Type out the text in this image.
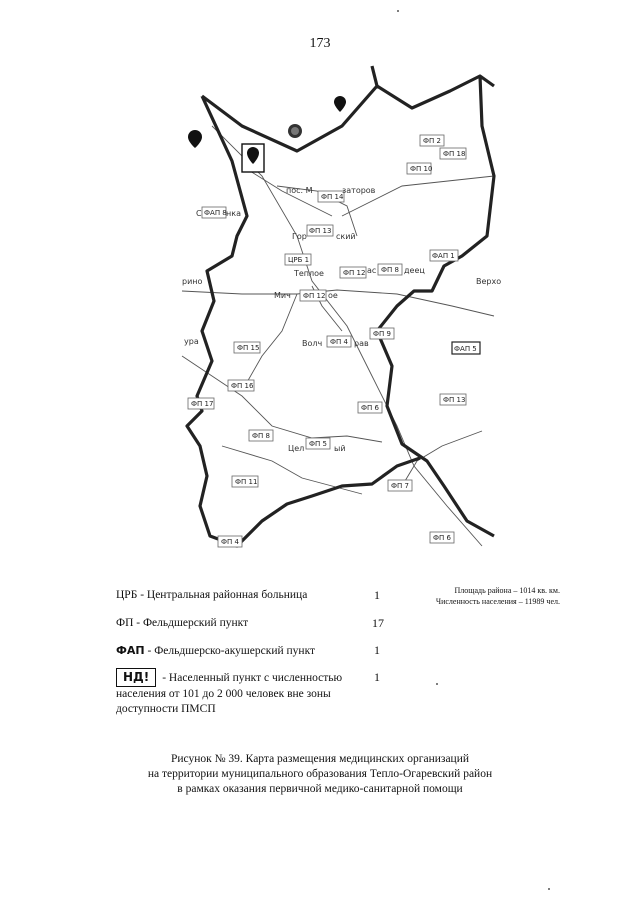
173
ФП 2
ФП 18
ФП 10
ФП 14
ФАП 8
ФП 13
ФАП 1
ЦРБ 1
ФП 12 ФП 8
ФП 12
ФП 9
ФП 4
ФП 15	ФАП 5
ФП 16
ФП 13
ФП 17	ФП 6
ФП 8
ФП 5
ФП 11	ФП 7
ФП 6
ФП 4
пос. М	заторов
С	нка
Гор	ский
Теплое	ас	деец
Верхо
рино
Мич	ое
Волч	рав
ура
Цел	ый
ЦРБ - Центральная районная больница	1
ФП - Фельдшерский пункт	17
ФАП - Фельдшерско-акушерский пункт	1
НД! - Населенный пункт с численностью населения от 101 до 2 000 человек вне зоны доступности ПМСП
1
Площадь района – 1014 кв. км.
Численность населения – 11989 чел.
Рисунок № 39. Карта размещения медицинских организаций
на территории муниципального образования Тепло-Огаревский район
в рамках оказания первичной медико-санитарной помощи
